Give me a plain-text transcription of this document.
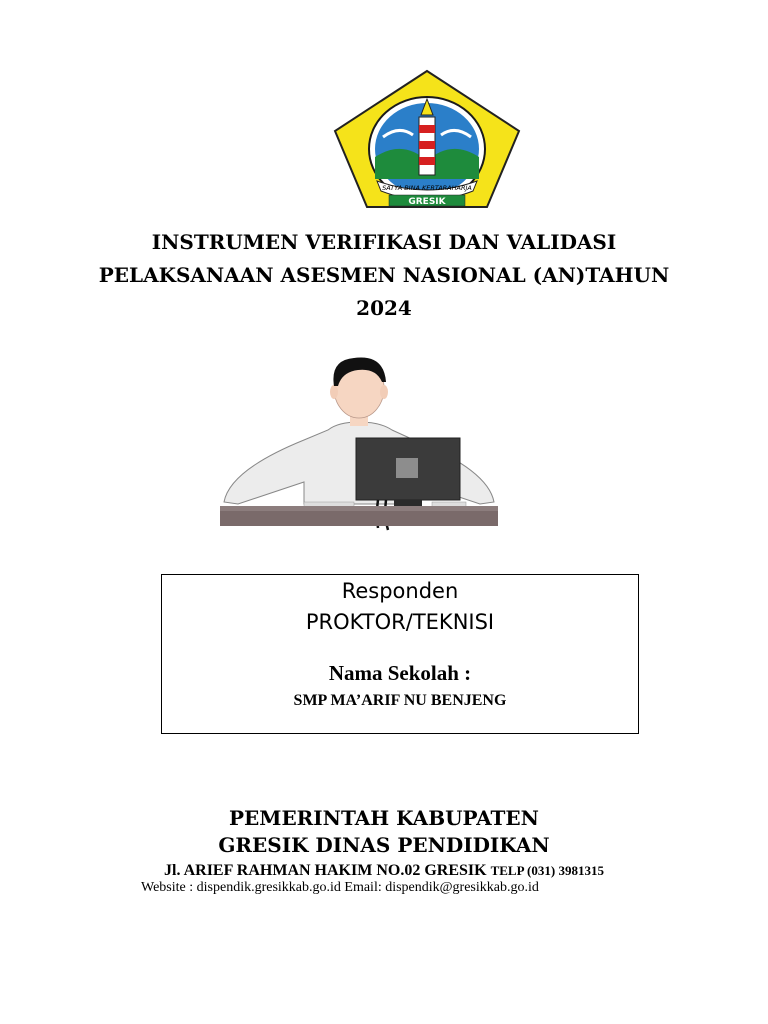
SATYA BINA KERTARAHARJA
GRESIK
INSTRUMEN VERIFIKASI DAN VALIDASI
PELAKSANAAN ASESMEN NASIONAL (AN)TAHUN
2024
Responden
PROKTOR/TEKNISI
Nama Sekolah :
SMP MA’ARIF NU BENJENG
PEMERINTAH KABUPATEN
GRESIK DINAS PENDIDIKAN
Jl. ARIEF RAHMAN HAKIM NO.02 GRESIK TELP (031) 3981315
Website : dispendik.gresikkab.go.id Email: dispendik@gresikkab.go.id
